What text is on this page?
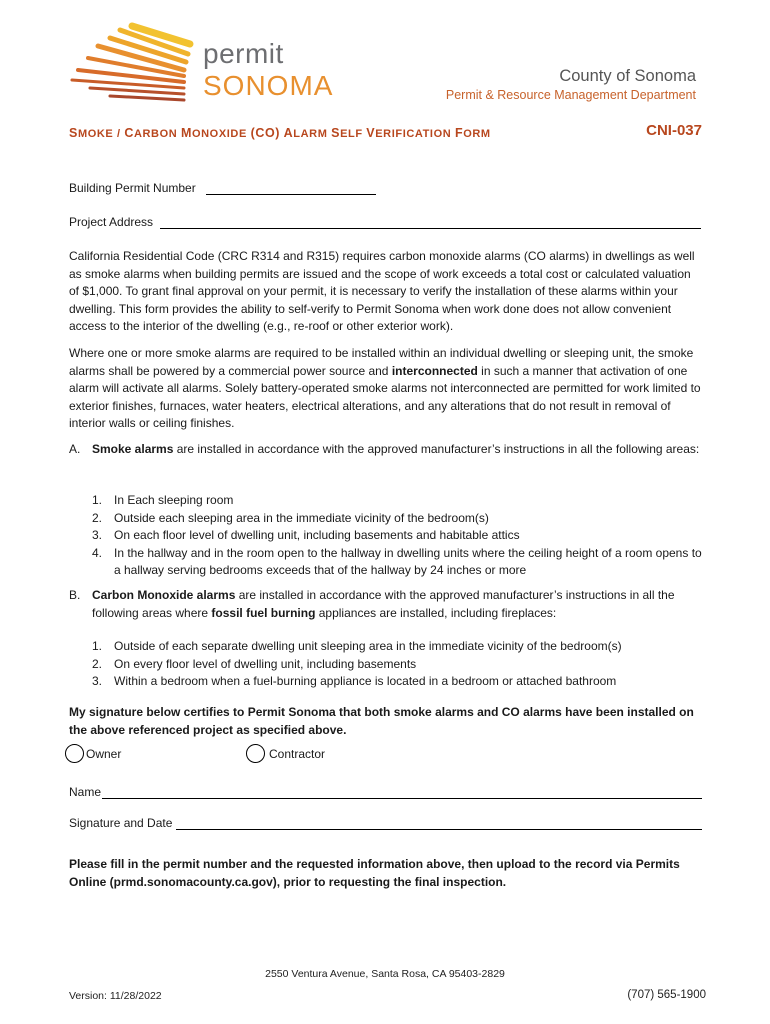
permit
SONOMA	County of Sonoma
Permit & Resource Management Department
SMOKE / CARBON MONOXIDE (CO) ALARM SELF VERIFICATION FORM	CNI-037
Building Permit Number
Project Address

California Residential Code (CRC R314 and R315) requires carbon monoxide alarms (CO alarms) in dwellings as well as smoke alarms when building permits are issued and the scope of work exceeds a total cost or calculated valuation of $1,000. To grant final approval on your permit, it is necessary to verify the installation of these alarms within your dwelling. This form provides the ability to self-verify to Permit Sonoma when work done does not allow convenient access to the interior of the dwelling (e.g., re-roof or other exterior work).

Where one or more smoke alarms are required to be installed within an individual dwelling or sleeping unit, the smoke alarms shall be powered by a commercial power source and interconnected in such a manner that activation of one alarm will activate all alarms. Solely battery-operated smoke alarms not interconnected are permitted for work limited to exterior finishes, furnaces, water heaters, electrical alterations, and any alterations that do not result in removal of interior walls or ceiling finishes.

A. Smoke alarms are installed in accordance with the approved manufacturer’s instructions in all the following areas:

1. In Each sleeping room
2. Outside each sleeping area in the immediate vicinity of the bedroom(s)
3. On each floor level of dwelling unit, including basements and habitable attics
4. In the hallway and in the room open to the hallway in dwelling units where the ceiling height of a room opens to a hallway serving bedrooms exceeds that of the hallway by 24 inches or more
B. Carbon Monoxide alarms are installed in accordance with the approved manufacturer’s instructions in all the following areas where fossil fuel burning appliances are installed, including fireplaces:

1. Outside of each separate dwelling unit sleeping area in the immediate vicinity of the bedroom(s)
2. On every floor level of dwelling unit, including basements
3. Within a bedroom when a fuel-burning appliance is located in a bedroom or attached bathroom

My signature below certifies to Permit Sonoma that both smoke alarms and CO alarms have been installed on the above referenced project as specified above.

Owner	Contractor
Name
Signature and Date

Please fill in the permit number and the requested information above, then upload to the record via Permits Online (prmd.sonomacounty.ca.gov), prior to requesting the final inspection.

2550 Ventura Avenue, Santa Rosa, CA 95403-2829
Version: 11/28/2022	(707) 565-1900
